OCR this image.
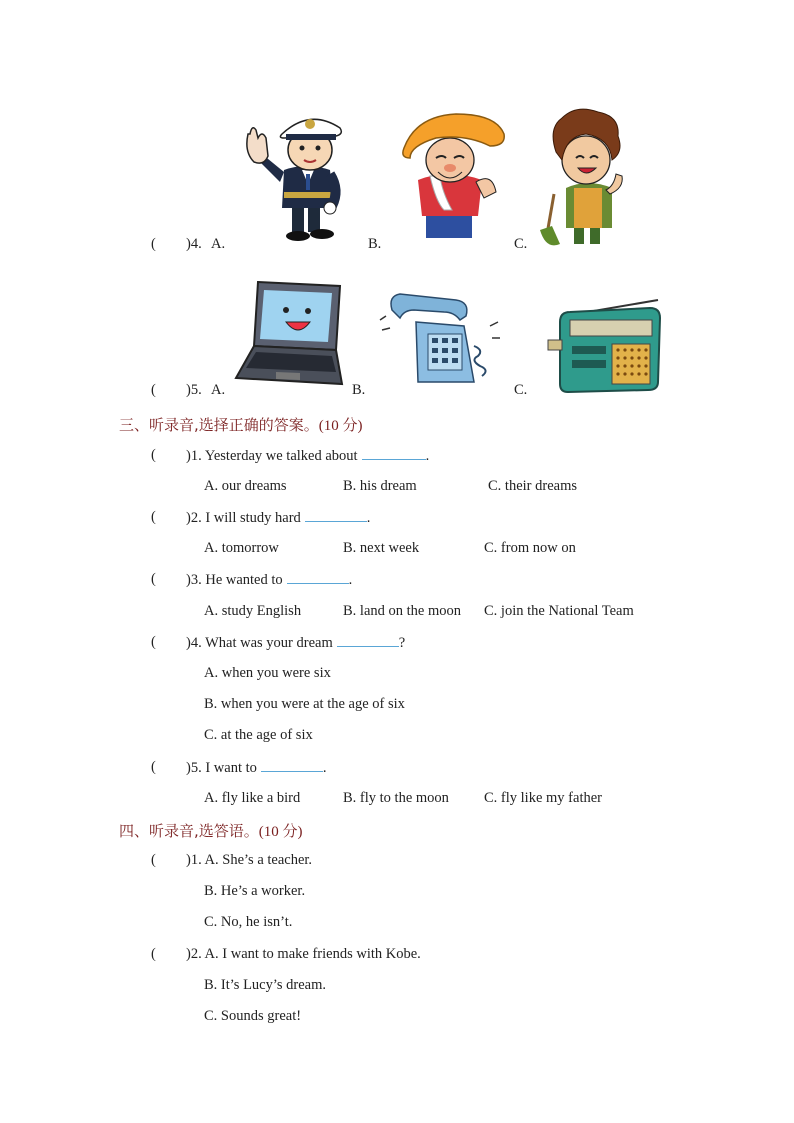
( )4. A.	B.	C.
( )5. A.	B.	C.
三、听录音,选择正确的答案。(10 分)
( )1. Yesterday we talked about	.
A. our dreams	B. his dream	C. their dreams
( )2. I will study hard	.
A. tomorrow	B. next week	C. from now on
( )3. He wanted to	.
A. study English	B. land on the moon C. join the National Team
( )4. What was your dream	?
A. when you were six
B. when you were at the age of six
C. at the age of six
( )5. I want to	.
A. fly like a bird	B. fly to the moon C. fly like my father
四、听录音,选答语。(10 分)
( )1. A. She’s a teacher.
B. He’s a worker.
C. No, he isn’t.
( )2. A. I want to make friends with Kobe.
B. It’s Lucy’s dream.
C. Sounds great!
